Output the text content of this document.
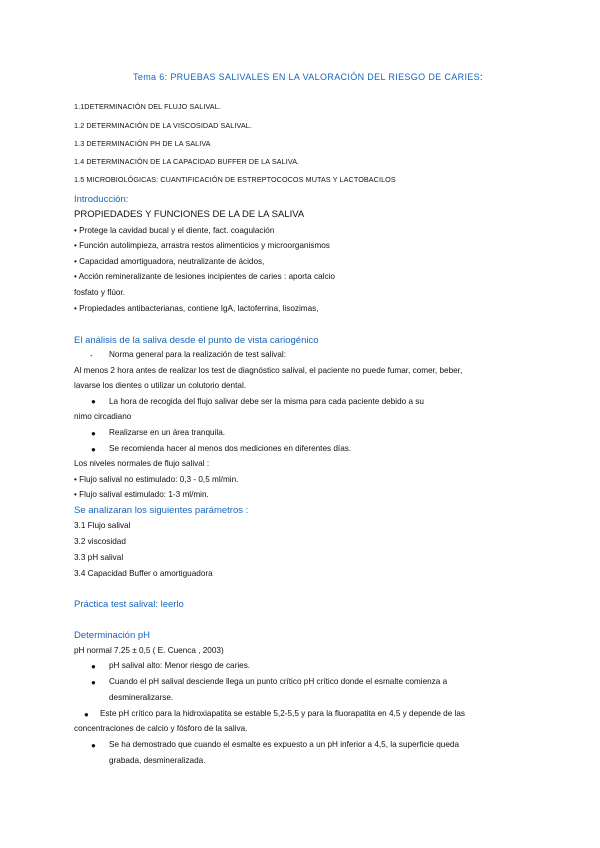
Tema 6: PRUEBAS SALIVALES EN LA VALORACIÓN DEL RIESGO DE CARIES:
1.1DETERMINACIÓN DEL FLUJO SALIVAL.
1.2 DETERMINACIÓN DE LA VISCOSIDAD SALIVAL.
1.3 DETERMINACIÓN PH DE LA SALIVA
1.4 DETERMINACIÓN DE LA CAPACIDAD BUFFER DE LA SALIVA.
1.5 MICROBIOLÓGICAS: CUANTIFICACIÓN DE ESTREPTOCOCOS MUTAS Y LACTOBACILOS
Introducción:
PROPIEDADES Y FUNCIONES DE LA DE LA SALIVA
• Protege la cavidad bucal y el diente, fact. coagulación
• Función autolimpieza, arrastra restos alimenticios y microorganismos
• Capacidad amortiguadora, neutralizante de ácidos,
• Acción remineralizante de lesiones incipientes de caries : aporta calcio
fosfato y flúor.
• Propiedades antibacterianas, contiene IgA, lactoferrina, lisozimas,
El análisis de la saliva desde el punto de vista cariogénico
- Norma general para la realización de test salival:
Al menos 2 hora antes de realizar los test de diagnóstico salival, el paciente no puede fumar, comer, beber,
lavarse los dientes o utilizar un colutorio dental.
● La hora de recogida del flujo salivar debe ser la misma para cada paciente debido a su
nimo circadiano
● Realizarse en un área tranquila.
● Se recomienda hacer al menos dos mediciones en diferentes días.
Los niveles normales de flujo salival :
• Flujo salival no estimulado: 0,3 - 0,5 ml/min.
• Flujo salival estimulado: 1-3 ml/min.
Se analizaran los siguientes parámetros :
3.1 Flujo salival
3.2 viscosidad
3.3 pH salival
3.4 Capacidad Buffer o amortiguadora
Práctica test salival: leerlo
Determinación pH
pH normal 7.25 ± 0,5 ( E. Cuenca , 2003)
● pH salival alto: Menor riesgo de caries.
● Cuando el pH salival desciende llega un punto crítico pH crítico donde el esmalte comienza a
desmineralizarse.
● Este pH crítico para la hidroxiapatita se estable 5,2-5,5 y para la fluorapatita en 4,5 y depende de las
concentraciones de calcio y fósforo de la saliva.
● Se ha demostrado que cuando el esmalte es expuesto a un pH inferior a 4,5, la superficie queda
grabada, desmineralizada.
